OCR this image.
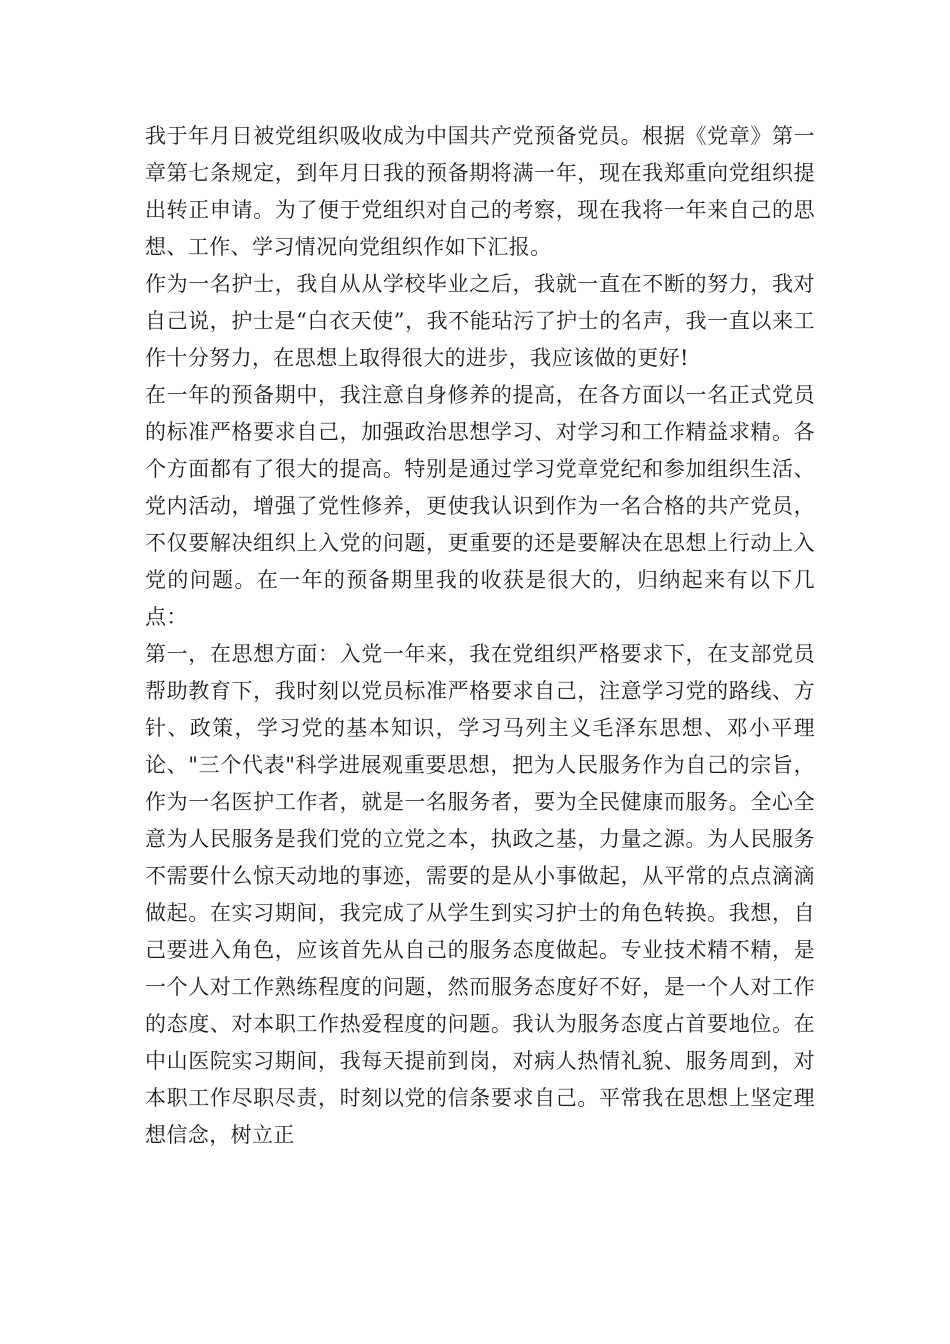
我于年月日被党组织吸收成为中国共产党预备党员。根据《党章》第一章第七条规定，到年月日我的预备期将满一年，现在我郑重向党组织提出转正申请。为了便于党组织对自己的考察，现在我将一年来自己的思想、工作、学习情况向党组织作如下汇报。

作为一名护士，我自从从学校毕业之后，我就一直在不断的努力，我对自己说，护士是“白衣天使”，我不能玷污了护士的名声，我一直以来工作十分努力，在思想上取得很大的进步，我应该做的更好!

在一年的预备期中，我注意自身修养的提高，在各方面以一名正式党员的标准严格要求自己，加强政治思想学习、对学习和工作精益求精。各个方面都有了很大的提高。特别是通过学习党章党纪和参加组织生活、党内活动，增强了党性修养，更使我认识到作为一名合格的共产党员，不仅要解决组织上入党的问题，更重要的还是要解决在思想上行动上入党的问题。在一年的预备期里我的收获是很大的，归纳起来有以下几点：

第一，在思想方面：入党一年来，我在党组织严格要求下，在支部党员帮助教育下，我时刻以党员标准严格要求自己，注意学习党的路线、方针、政策，学习党的基本知识，学习马列主义毛泽东思想、邓小平理论、"三个代表"科学进展观重要思想，把为人民服务作为自己的宗旨，作为一名医护工作者，就是一名服务者，要为全民健康而服务。全心全意为人民服务是我们党的立党之本，执政之基，力量之源。为人民服务不需要什么惊天动地的事迹，需要的是从小事做起，从平常的点点滴滴做起。在实习期间，我完成了从学生到实习护士的角色转换。我想，自己要进入角色，应该首先从自己的服务态度做起。专业技术精不精，是一个人对工作熟练程度的问题，然而服务态度好不好，是一个人对工作的态度、对本职工作热爱程度的问题。我认为服务态度占首要地位。在中山医院实习期间，我每天提前到岗，对病人热情礼貌、服务周到，对本职工作尽职尽责，时刻以党的信条要求自己。平常我在思想上坚定理想信念，树立正
